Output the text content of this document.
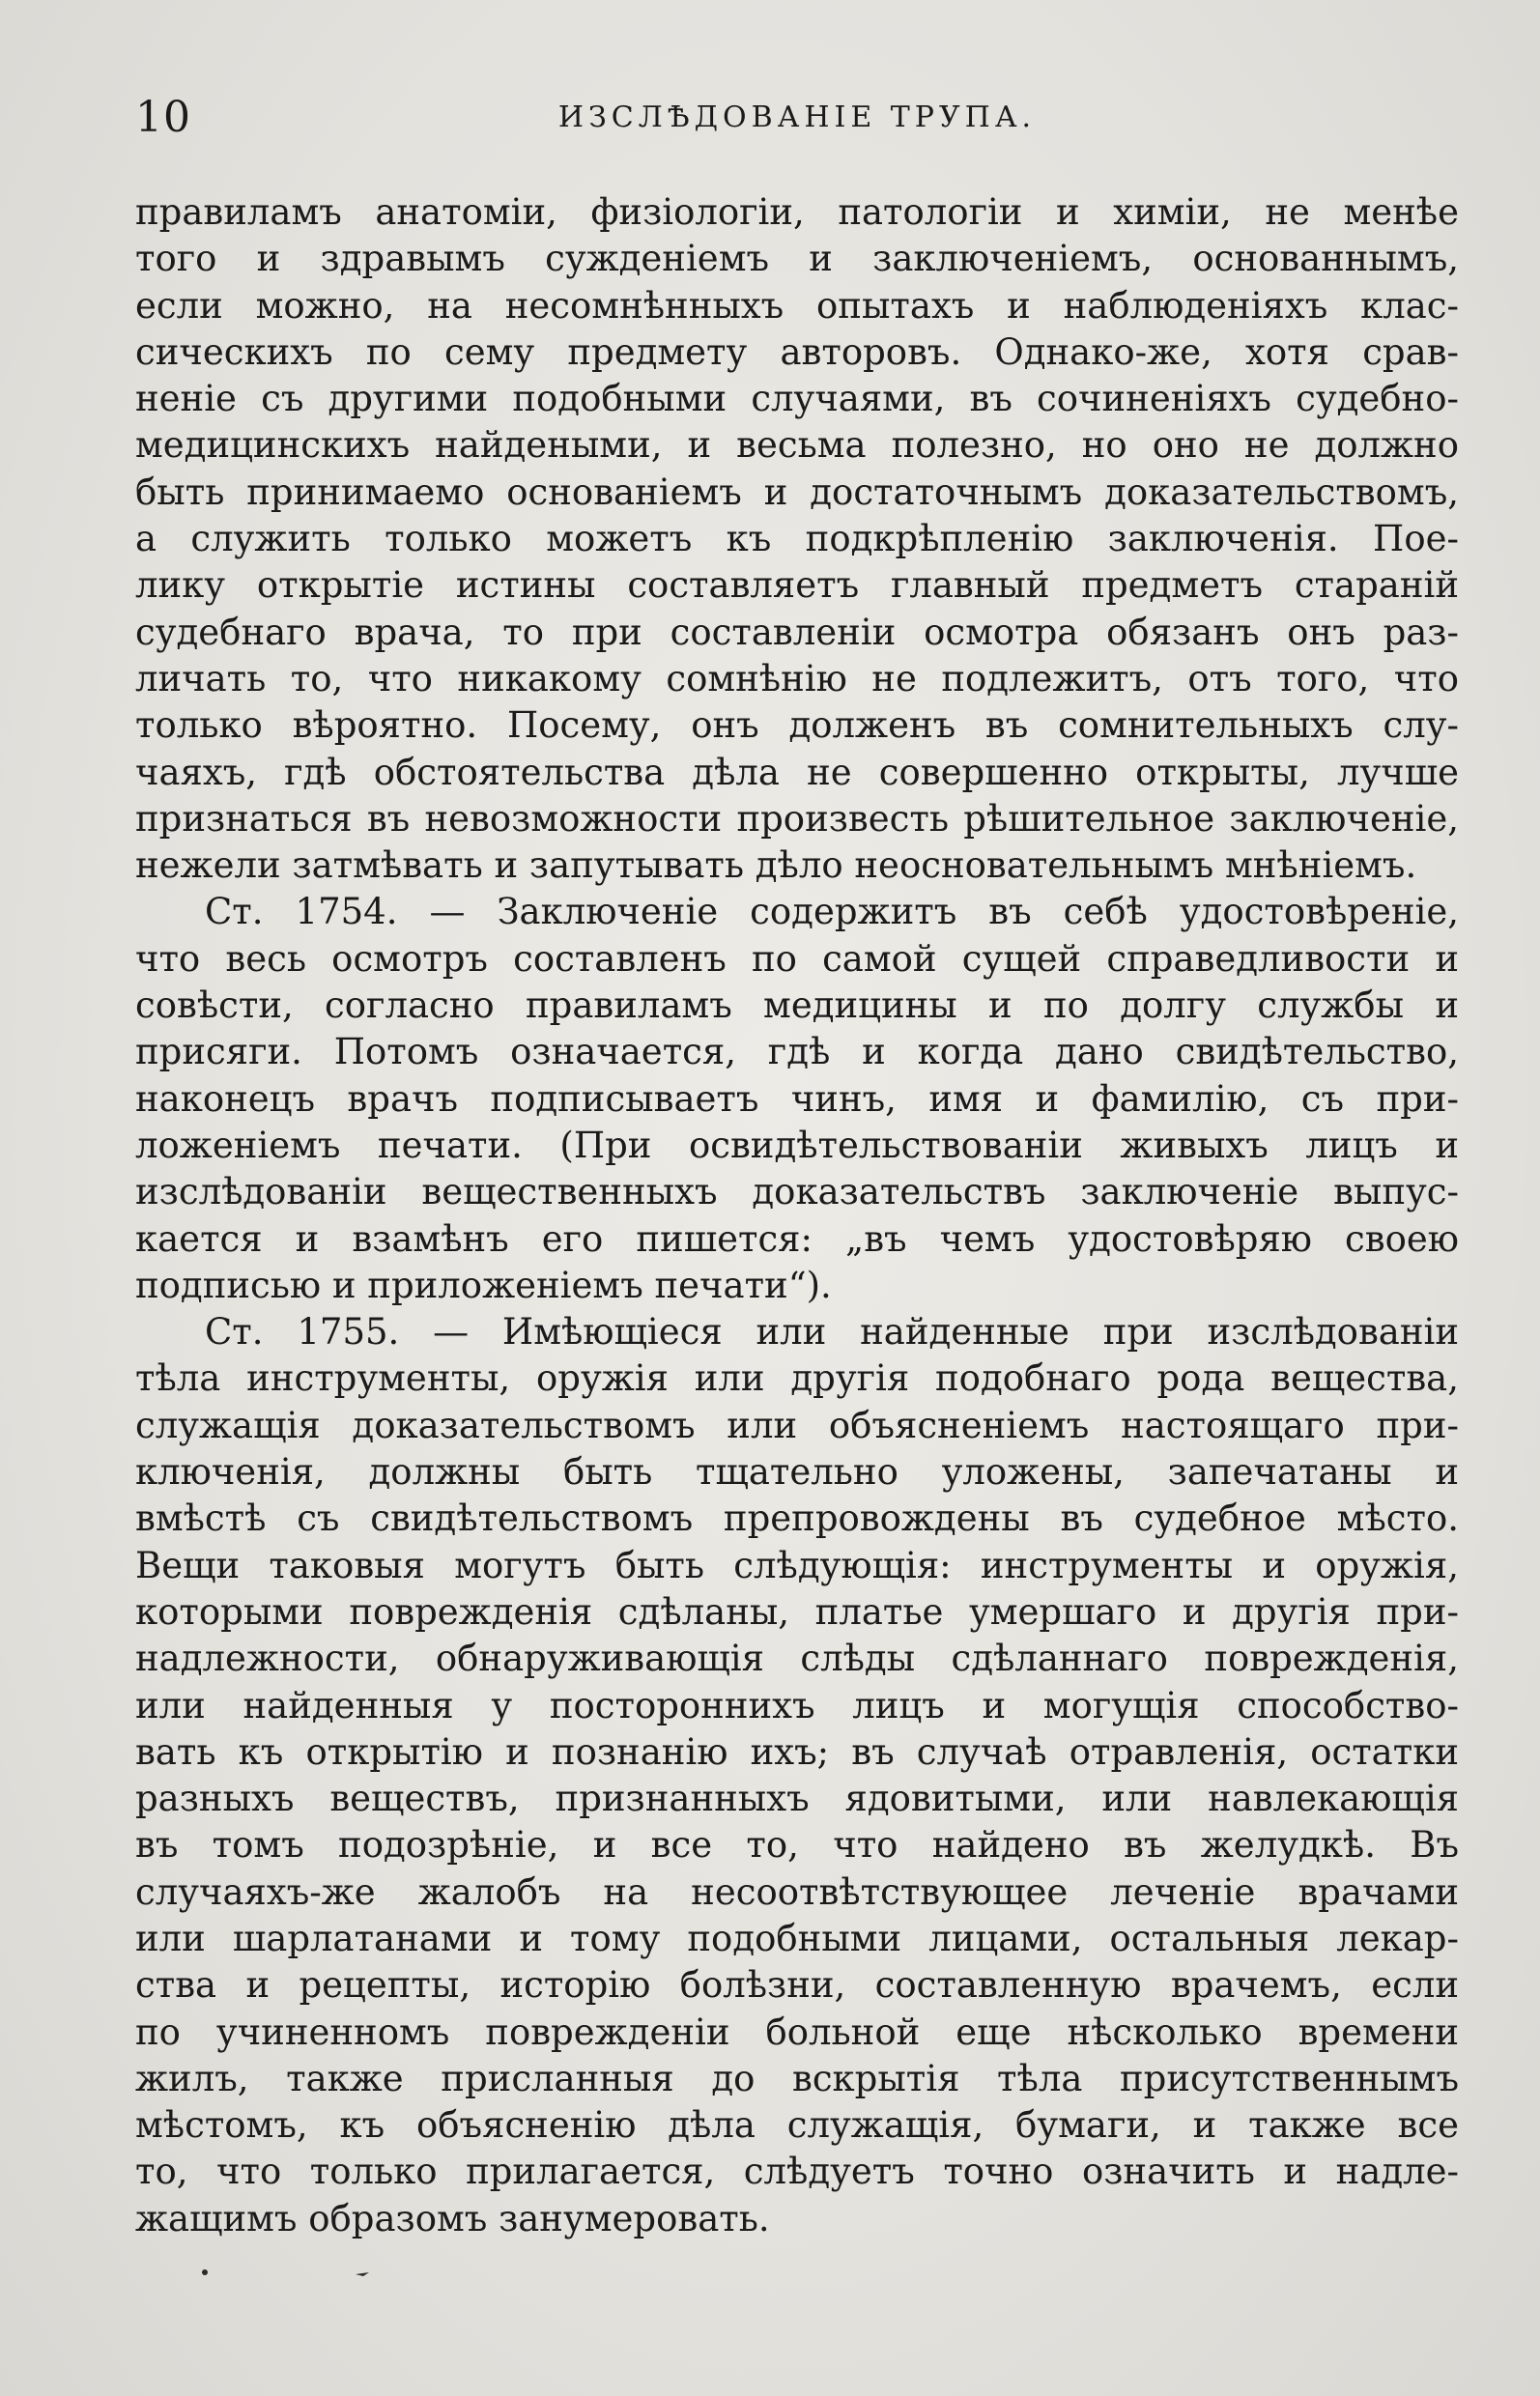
10	ИЗСЛѢДОВАНІЕ ТРУПА.
правиламъ анатоміи, физіологіи, патологіи и химіи, не менѣе
того и здравымъ сужденіемъ и заключеніемъ, основаннымъ,
если можно, на несомнѣнныхъ опытахъ и наблюденіяхъ клас-
сическихъ по сему предмету авторовъ. Однако-же, хотя срав-
неніе съ другими подобными случаями, въ сочиненіяхъ судебно-
медицинскихъ найдеными, и весьма полезно, но оно не должно
быть принимаемо основаніемъ и достаточнымъ доказательствомъ,
а служить только можетъ къ подкрѣпленію заключенія. Пое-
лику открытіе истины составляетъ главный предметъ стараній
судебнаго врача, то при составленіи осмотра обязанъ онъ раз-
личать то, что никакому сомнѣнію не подлежитъ, отъ того, что
только вѣроятно. Посему, онъ долженъ въ сомнительныхъ слу-
чаяхъ, гдѣ обстоятельства дѣла не совершенно открыты, лучше
признаться въ невозможности произвесть рѣшительное заключеніе,
нежели затмѣвать и запутывать дѣло неосновательнымъ мнѣніемъ.
Ст. 1754. — Заключеніе содержитъ въ себѣ удостовѣреніе,
что весь осмотръ составленъ по самой сущей справедливости и
совѣсти, согласно правиламъ медицины и по долгу службы и
присяги. Потомъ означается, гдѣ и когда дано свидѣтельство,
наконецъ врачъ подписываетъ чинъ, имя и фамилію, съ при-
ложеніемъ печати. (При освидѣтельствованіи живыхъ лицъ и
изслѣдованіи вещественныхъ доказательствъ заключеніе выпус-
кается и взамѣнъ его пишется: „въ чемъ удостовѣряю своею
подписью и приложеніемъ печати“).
Ст. 1755. — Имѣющіеся или найденные при изслѣдованіи
тѣла инструменты, оружія или другія подобнаго рода вещества,
служащія доказательствомъ или объясненіемъ настоящаго при-
ключенія, должны быть тщательно уложены, запечатаны и
вмѣстѣ съ свидѣтельствомъ препровождены въ судебное мѣсто.
Вещи таковыя могутъ быть слѣдующія: инструменты и оружія,
которыми поврежденія сдѣланы, платье умершаго и другія при-
надлежности, обнаруживающія слѣды сдѣланнаго поврежденія,
или найденныя у постороннихъ лицъ и могущія способство-
вать къ открытію и познанію ихъ; въ случаѣ отравленія, остатки
разныхъ веществъ, признанныхъ ядовитыми, или навлекающія
въ томъ подозрѣніе, и все то, что найдено въ желудкѣ. Въ
случаяхъ-же жалобъ на несоотвѣтствующее леченіе врачами
или шарлатанами и тому подобными лицами, остальныя лекар-
ства и рецепты, исторію болѣзни, составленную врачемъ, если
по учиненномъ поврежденіи больной еще нѣсколько времени
жилъ, также присланныя до вскрытія тѣла присутственнымъ
мѣстомъ, къ объясненію дѣла служащія, бумаги, и также все
то, что только прилагается, слѣдуетъ точно означить и надле-
жащимъ образомъ занумеровать.
